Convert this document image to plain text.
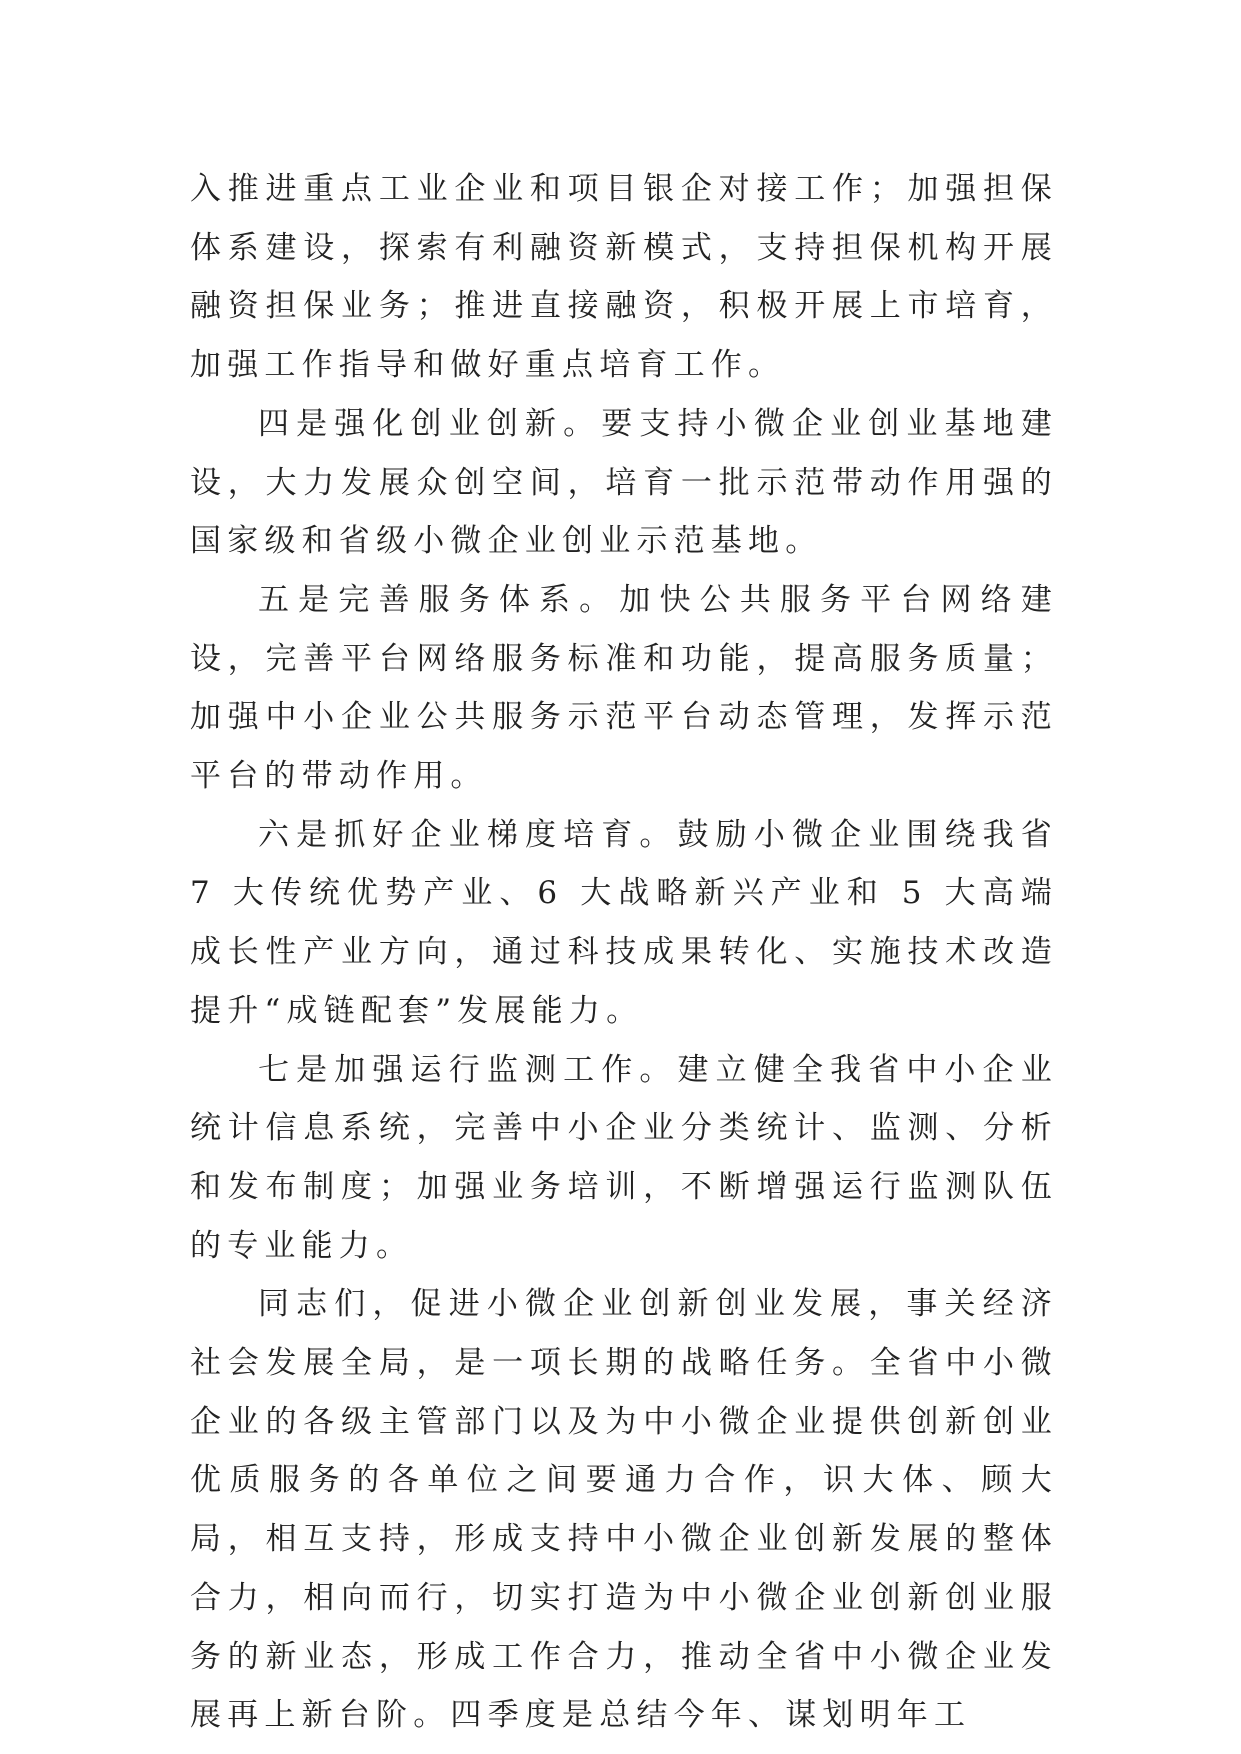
入推进重点工业企业和项目银企对接工作；加强担保体系建设，探索有利融资新模式，支持担保机构开展融资担保业务；推进直接融资，积极开展上市培育，加强工作指导和做好重点培育工作。

四是强化创业创新。要支持小微企业创业基地建设，大力发展众创空间，培育一批示范带动作用强的国家级和省级小微企业创业示范基地。

五是完善服务体系。加快公共服务平台网络建设，完善平台网络服务标准和功能，提高服务质量；加强中小企业公共服务示范平台动态管理，发挥示范平台的带动作用。

六是抓好企业梯度培育。鼓励小微企业围绕我省 7 大传统优势产业、6 大战略新兴产业和 5 大高端成长性产业方向，通过科技成果转化、实施技术改造提升“成链配套”发展能力。

七是加强运行监测工作。建立健全我省中小企业统计信息系统，完善中小企业分类统计、监测、分析和发布制度；加强业务培训，不断增强运行监测队伍的专业能力。

同志们，促进小微企业创新创业发展，事关经济社会发展全局，是一项长期的战略任务。全省中小微企业的各级主管部门以及为中小微企业提供创新创业优质服务的各单位之间要通力合作，识大体、顾大局，相互支持，形成支持中小微企业创新发展的整体合力，相向而行，切实打造为中小微企业创新创业服务的新业态，形成工作合力，推动全省中小微企业发展再上新台阶。四季度是总结今年、谋划明年工
